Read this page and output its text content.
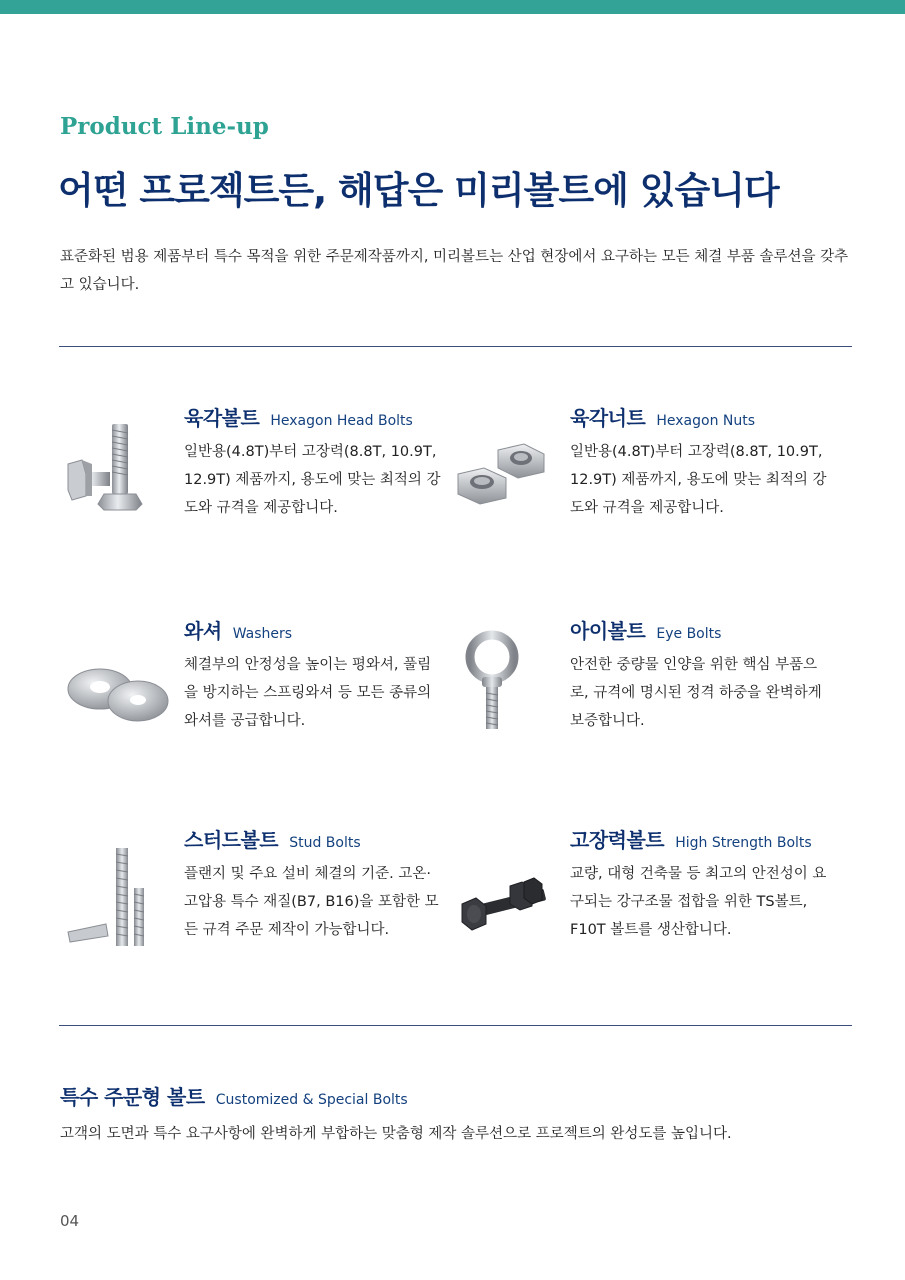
Product Line-up
어떤 프로젝트든, 해답은 미리볼트에 있습니다
표준화된 범용 제품부터 특수 목적을 위한 주문제작품까지, 미리볼트는 산업 현장에서 요구하는 모든 체결 부품 솔루션을 갖추고 있습니다.
육각볼트 Hexagon Head Bolts
일반용(4.8T)부터 고장력(8.8T, 10.9T, 12.9T) 제품까지, 용도에 맞는 최적의 강도와 규격을 제공합니다.
육각너트 Hexagon Nuts
일반용(4.8T)부터 고장력(8.8T, 10.9T, 12.9T) 제품까지, 용도에 맞는 최적의 강도와 규격을 제공합니다.
와셔 Washers
체결부의 안정성을 높이는 평와셔, 풀림을 방지하는 스프링와셔 등 모든 종류의 와셔를 공급합니다.
아이볼트 Eye Bolts
안전한 중량물 인양을 위한 핵심 부품으로, 규격에 명시된 정격 하중을 완벽하게 보증합니다.
스터드볼트 Stud Bolts
플랜지 및 주요 설비 체결의 기준. 고온·고압용 특수 재질(B7, B16)을 포함한 모든 규격 주문 제작이 가능합니다.
고장력볼트 High Strength Bolts
교량, 대형 건축물 등 최고의 안전성이 요구되는 강구조물 접합을 위한 TS볼트, F10T 볼트를 생산합니다.
특수 주문형 볼트 Customized & Special Bolts
고객의 도면과 특수 요구사항에 완벽하게 부합하는 맞춤형 제작 솔루션으로 프로젝트의 완성도를 높입니다.
04
